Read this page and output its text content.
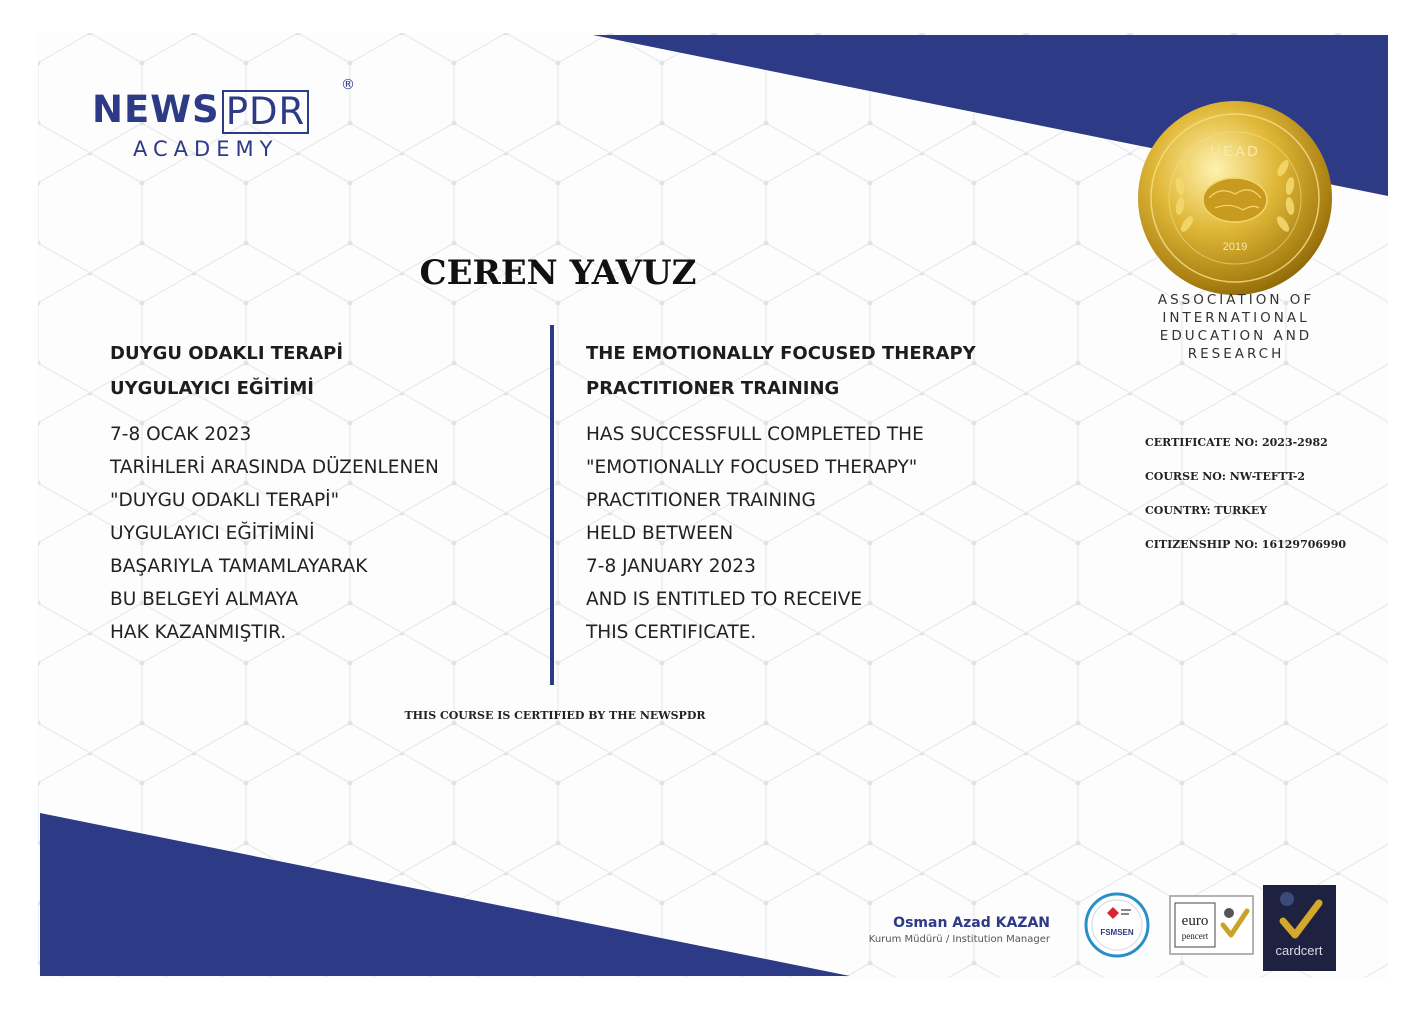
NEWS PDR
®
ACADEMY
CEREN YAVUZ
DUYGU ODAKLI TERAPİ
UYGULAYICI EĞİTİMİ
7-8 OCAK 2023
TARİHLERİ ARASINDA DÜZENLENEN
"DUYGU ODAKLI TERAPİ"
UYGULAYICI EĞİTİMİNİ
BAŞARIYLA TAMAMLAYARAK
BU BELGEYİ ALMAYA
HAK KAZANMIŞTIR.
THE EMOTIONALLY FOCUSED THERAPY
PRACTITIONER TRAINING
HAS SUCCESSFULL COMPLETED THE
"EMOTIONALLY FOCUSED THERAPY"
PRACTITIONER TRAINING
HELD BETWEEN
7-8 JANUARY 2023
AND IS ENTITLED TO RECEIVE
THIS CERTIFICATE.
THIS COURSE IS CERTIFIED BY THE NEWSPDR
UEAD
2019
ASSOCIATION OF
INTERNATIONAL
EDUCATION AND
RESEARCH
CERTIFICATE NO: 2023-2982
COURSE NO: NW-TEFTT-2
COUNTRY: TURKEY
CITIZENSHIP NO: 16129706990
Osman Azad KAZAN
Kurum Müdürü / Institution Manager
FSMSEN
euro
pencert
cardcert
